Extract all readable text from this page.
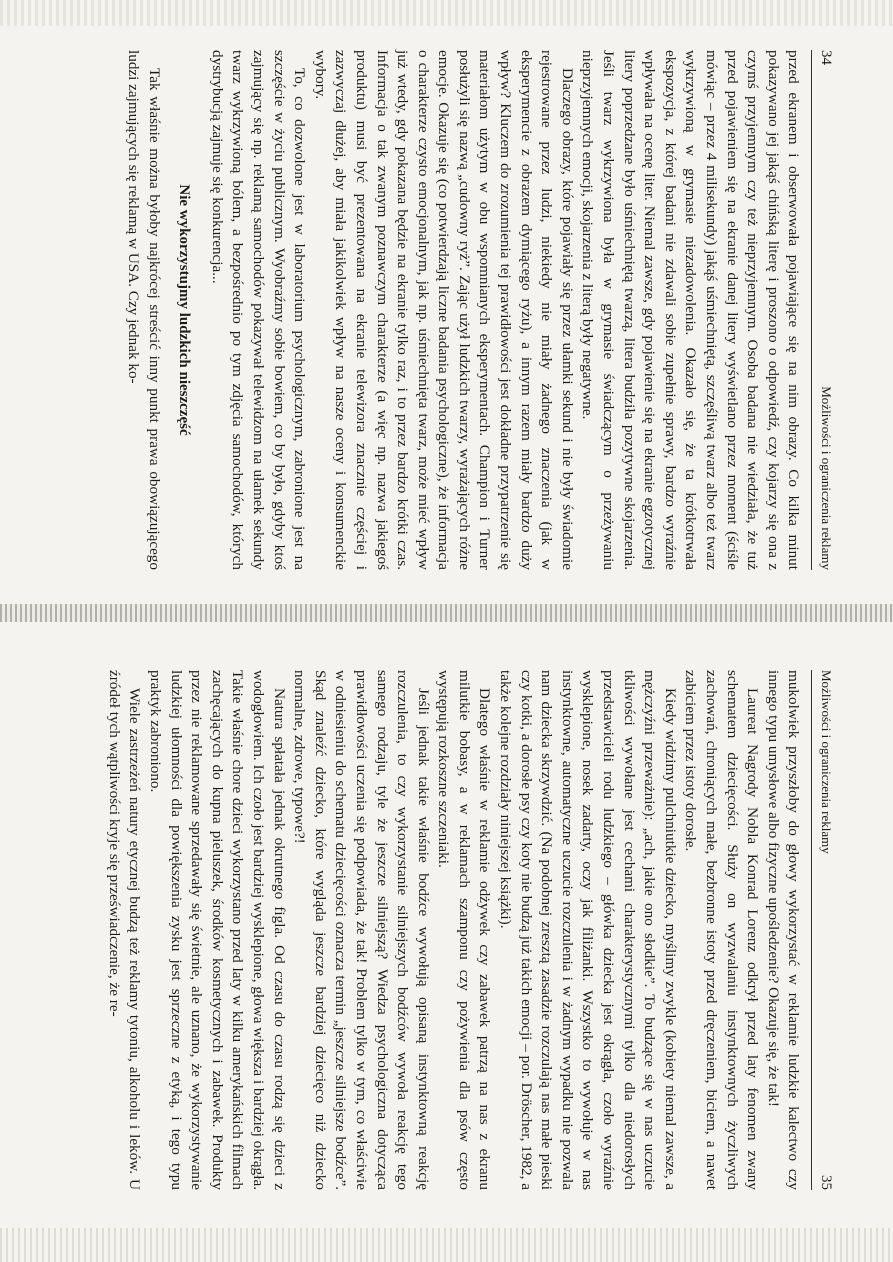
34
Możliwości i ograniczenia reklamy

przed ekranem i obserwowała pojawiające się na nim obrazy. Co kilka minut pokazywano jej jakąś chińską literę i proszono o odpowiedź, czy kojarzy się ona z czymś przyjemnym czy też nieprzyjemnym. Osoba badana nie wiedziała, że tuż przed pojawieniem się na ekranie danej litery wyświetlano przez moment (ściśle mówiąc – przez 4 milisekundy) jakąś uśmiechniętą, szczęśliwą twarz albo też twarz wykrzywioną w grymasie niezadowolenia. Okazało się, że ta krótkotrwała ekspozycja, z której badani nie zdawali sobie zupełnie sprawy, bardzo wyraźnie wpływała na ocenę liter. Niemal zawsze, gdy pojawienie się na ekranie egzotycznej litery poprzedzane było uśmiechniętą twarzą, litera budziła pozytywne skojarzenia. Jeśli twarz wykrzywiona była w grymasie świadczącym o przeżywaniu nieprzyjemnych emocji, skojarzenia z literą były negatywne.

Dlaczego obrazy, które pojawiały się przez ułamki sekund i nie były świadomie rejestrowane przez ludzi, niekiedy nie miały żadnego znaczenia (jak w eksperymencie z obrazem dymiącego ryżu), a innym razem miały bardzo duży wpływ? Kluczem do zrozumienia tej prawidłowości jest dokładne przypatrzenie się materiałom użytym w obu wspomnianych eksperymentach. Champion i Turner posłużyli się nazwą „cudowny ryż”. Zając użył ludzkich twarzy, wyrażających różne emocje. Okazuje się (co potwierdzają liczne badania psychologiczne), że informacja o charakterze czysto emocjonalnym, jak np. uśmiechnięta twarz, może mieć wpływ już wtedy, gdy pokazana będzie na ekranie tylko raz, i to przez bardzo krótki czas. Informacja o tak zwanym poznawczym charakterze (a więc np. nazwa jakiegoś produktu) musi być prezentowana na ekranie telewizora znacznie częściej i zazwyczaj dłużej, aby miała jakikolwiek wpływ na nasze oceny i konsumenckie wybory.

To, co dozwolone jest w laboratorium psychologicznym, zabronione jest na szczęście w życiu publicznym. Wyobraźmy sobie bowiem, co by było, gdyby ktoś zajmujący się np. reklamą samochodów pokazywał telewidzom na ułamek sekundy twarz wykrzywioną bólem, a bezpośrednio po tym zdjęcia samochodów, których dystrybucją zajmuje się konkurencja...

Nie wykorzystujmy ludzkich nieszczęść

Tak właśnie można byłoby najkrócej streścić inny punkt prawa obowiązującego ludzi zajmujących się reklamą w USA. Czy jednak ko-

Możliwości i ograniczenia reklamy
35

mukolwiek przyszłoby do głowy wykorzystać w reklamie ludzkie kalectwo czy innego typu umysłowe albo fizyczne upośledzenie? Okazuje się, że tak!

Laureat Nagrody Nobla Konrad Lorenz odkrył przed laty fenomen zwany schematem dziecięcości. Służy on wyzwalaniu instynktownych życzliwych zachowań, chroniących małe, bezbronne istoty przed dręczeniem, biciem, a nawet zabiciem przez istoty dorosłe.

Kiedy widzimy pulchniutkie dziecko, myślimy zwykle (kobiety niemal zawsze, a mężczyźni przeważnie): „ach, jakie ono słodkie”. To budzące się w nas uczucie tkliwości wywołane jest cechami charakterystycznymi tylko dla niedorosłych przedstawicieli rodu ludzkiego – główka dziecka jest okrągła, czoło wyraźnie wysklepione, nosek zadarty, oczy jak filiżanki. Wszystko to wywołuje w nas instynktowne, automatyczne uczucie rozczulenia i w żadnym wypadku nie pozwala nam dziecka skrzywdzić. (Na podobnej zresztą zasadzie rozczulają nas małe pieski czy kotki, a dorosłe psy czy koty nie budzą już takich emocji – por. Dröscher, 1982, a także kolejne rozdziały niniejszej książki).

Dlatego właśnie w reklamie odżywek czy zabawek patrzą na nas z ekranu milutkie bobasy, a w reklamach szamponu czy pożywienia dla psów często występują rozkoszne szczeniaki.

Jeśli jednak takie właśnie bodźce wywołują opisaną instynktowną reakcję rozczulenia, to czy wykorzystanie silniejszych bodźców wywoła reakcję tego samego rodzaju, tyle że jeszcze silniejszą? Wiedza psychologiczna dotycząca prawidłowości uczenia się podpowiada, że tak! Problem tylko w tym, co właściwie w odniesieniu do schematu dziecięcości oznacza termin „jeszcze silniejsze bodźce”. Skąd znaleźć dziecko, które wygląda jeszcze bardziej dziecięco niż dziecko normalne, zdrowe, typowe?!

Natura spłatała jednak okrutnego figla. Od czasu do czasu rodzą się dzieci z wodogłowiem. Ich czoło jest bardziej wysklepione, głowa większa i bardziej okrągła. Takie właśnie chore dzieci wykorzystano przed laty w kilku amerykańskich filmach zachęcających do kupna pieluszek, środków kosmetycznych i zabawek. Produkty przez nie reklamowane sprzedawały się świetnie, ale uznano, że wykorzystywanie ludzkiej ułomności dla powiększenia zysku jest sprzeczne z etyką, i tego typu praktyk zabroniono.

Wiele zastrzeżeń natury etycznej budzą też reklamy tytoniu, alkoholu i leków. U źródeł tych wątpliwości kryje się przeświadczenie, że re-
